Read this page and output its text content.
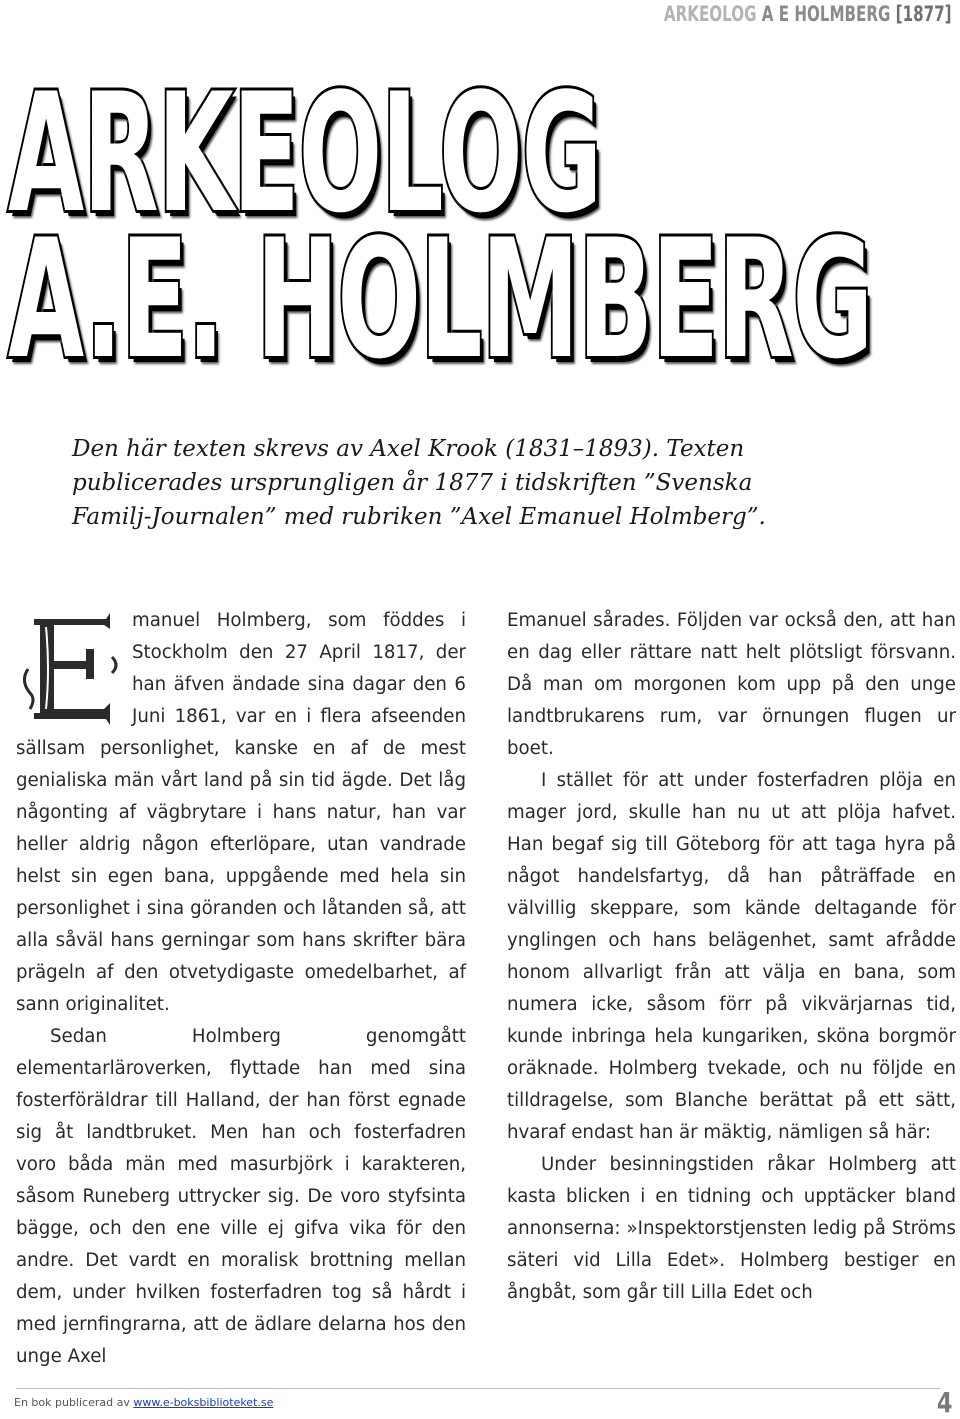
ARKEOLOG A E HOLMBERG [1877]
ARKEOLOG
A.E. HOLMBERG
Den här texten skrevs av Axel Krook (1831–1893). Texten publicerades ursprungligen år 1877 i tidskriften ”Svenska Familj-Journalen” med rubriken ”Axel Emanuel Holmberg”.
E

manuel Holmberg, som föddes i Stockholm den 27 April 1817, der han äfven ändade sina dagar den 6 Juni 1861, var en i flera afseenden sällsam personlighet, kanske en af de mest genialiska män vårt land på sin tid ägde. Det låg någonting af vägbrytare i hans natur, han var heller aldrig någon efterlöpare, utan vandrade helst sin egen bana, uppgående med hela sin personlighet i sina göranden och låtanden så, att alla såväl hans gerningar som hans skrifter bära prägeln af den otvetydigaste omedelbarhet, af sann originalitet.

Sedan Holmberg genomgått elementarläroverken, flyttade han med sina fosterföräldrar till Halland, der han först egnade sig åt landtbruket. Men han och fosterfadren voro båda män med masurbjörk i karakteren, såsom Runeberg uttrycker sig. De voro styfsinta bägge, och den ene ville ej gifva vika för den andre. Det vardt en moralisk brottning mellan dem, under hvilken fosterfadren tog så hårdt i med jernfingrarna, att de ädlare delarna hos den unge Axel

Emanuel sårades. Följden var också den, att han en dag eller rättare natt helt plötsligt försvann. Då man om morgonen kom upp på den unge landtbrukarens rum, var örnungen flugen ur boet.

I stället för att under fosterfadren plöja en mager jord, skulle han nu ut att plöja hafvet. Han begaf sig till Göteborg för att taga hyra på något handelsfartyg, då han påträffade en välvillig skeppare, som kände deltagande för ynglingen och hans belägenhet, samt afrådde honom allvarligt från att välja en bana, som numera icke, såsom förr på vikvärjarnas tid, kunde inbringa hela kungariken, sköna borgmör oräknade. Holmberg tvekade, och nu följde en tilldragelse, som Blanche berättat på ett sätt, hvaraf endast han är mäktig, nämligen så här:

Under besinningstiden råkar Holmberg att kasta blicken i en tidning och upptäcker bland annonserna: »Inspektorstjensten ledig på Ströms säteri vid Lilla Edet». Holmberg bestiger en ångbåt, som går till Lilla Edet och

En bok publicerad av www.e-boksbiblioteket.se	4
